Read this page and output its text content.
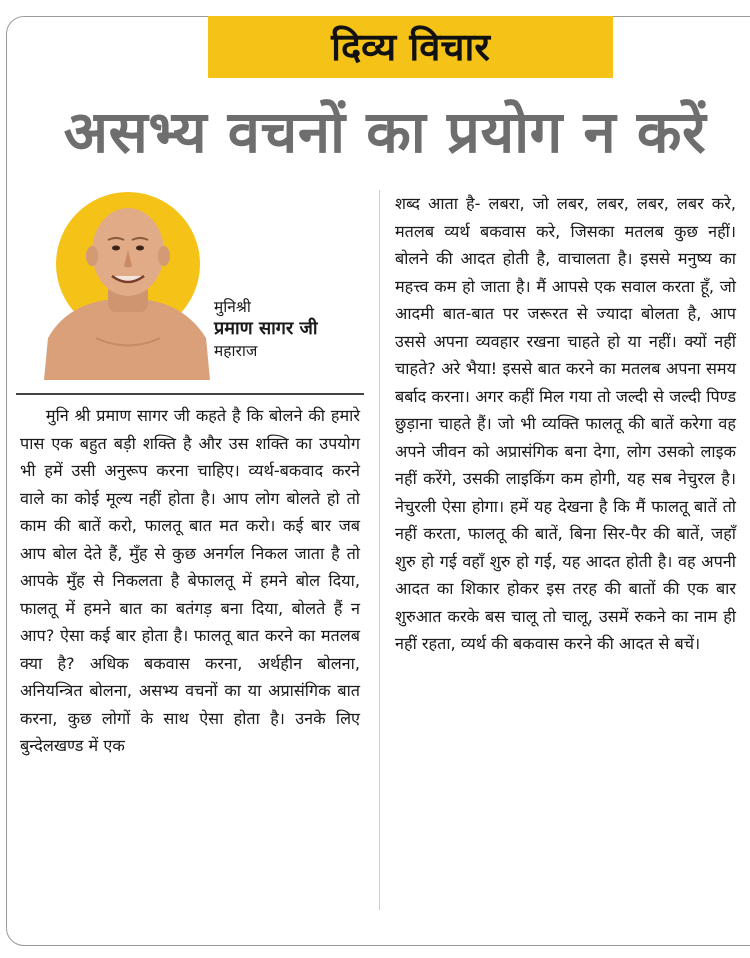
दिव्य विचार
असभ्य वचनों का प्रयोग न करें
मुनिश्री
प्रमाण सागर जी
महाराज

मुनि श्री प्रमाण सागर जी कहते है कि बोलने की हमारे पास एक बहुत बड़ी शक्ति है और उस शक्ति का उपयोग भी हमें उसी अनुरूप करना चाहिए। व्यर्थ-बकवाद करने वाले का कोई मूल्य नहीं होता है। आप लोग बोलते हो तो काम की बातें करो, फालतू बात मत करो। कई बार जब आप बोल देते हैं, मुँह से कुछ अनर्गल निकल जाता है तो आपके मुँह से निकलता है बेफालतू में हमने बोल दिया, फालतू में हमने बात का बतंगड़ बना दिया, बोलते हैं न आप? ऐसा कई बार होता है। फालतू बात करने का मतलब क्या है? अधिक बकवास करना, अर्थहीन बोलना, अनियन्त्रित बोलना, असभ्य वचनों का या अप्रासंगिक बात करना, कुछ लोगों के साथ ऐसा होता है। उनके लिए बुन्देलखण्ड में एक

शब्द आता है- लबरा, जो लबर, लबर, लबर, लबर करे, मतलब व्यर्थ बकवास करे, जिसका मतलब कुछ नहीं। बोलने की आदत होती है, वाचालता है। इससे मनुष्य का महत्त्व कम हो जाता है। मैं आपसे एक सवाल करता हूँ, जो आदमी बात-बात पर जरूरत से ज्यादा बोलता है, आप उससे अपना व्यवहार रखना चाहते हो या नहीं। क्यों नहीं चाहते? अरे भैया! इससे बात करने का मतलब अपना समय बर्बाद करना। अगर कहीं मिल गया तो जल्दी से जल्दी पिण्ड छुड़ाना चाहते हैं। जो भी व्यक्ति फालतू की बातें करेगा वह अपने जीवन को अप्रासंगिक बना देगा, लोग उसको लाइक नहीं करेंगे, उसकी लाइकिंग कम होगी, यह सब नेचुरल है। नेचुरली ऐसा होगा। हमें यह देखना है कि मैं फालतू बातें तो नहीं करता, फालतू की बातें, बिना सिर-पैर की बातें, जहाँ शुरु हो गई वहाँ शुरु हो गई, यह आदत होती है। वह अपनी आदत का शिकार होकर इस तरह की बातों की एक बार शुरुआत करके बस चालू तो चालू, उसमें रुकने का नाम ही नहीं रहता, व्यर्थ की बकवास करने की आदत से बचें।
